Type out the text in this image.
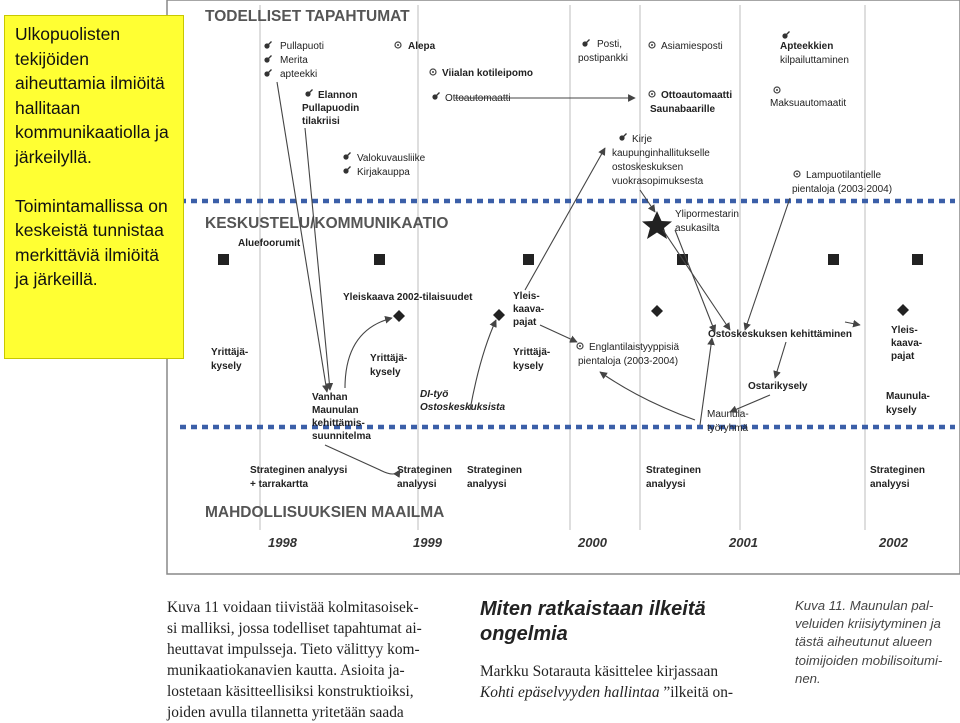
TODELLISET TAPAHTUMAT
KESKUSTELU/KOMMUNIKAATIO
MAHDOLLISUUKSIEN MAAILMA
1998	1999	2000	2001	2002
Pullapuoti
Merita
apteekki
Alepa	Posti,
postipankki
Asiamiesposti	Apteekkien
kilpailuttaminen
Viialan kotileipomo
Elannon
Pullapuodin
tilakriisi
Ottoautomaatti	Ottoautomaatti
Saunabaarille
Maksuautomaatit
Valokuvausliike
Kirjakauppa
Kirje
kaupunginhallitukselle
ostoskeskuksen
vuokrasopimuksesta
Lampuotilantielle
pientaloja (2003-2004)
Aluefoorumit
Ylipormestarin
asukasilta
Yleiskaava 2002-tilaisuudet	Yleis-
kaava-
pajat
Englantilaistyyppisiä
pientaloja (2003-2004)
Ostoskeskuksen kehittäminen	Yleis-
kaava-
pajat
Yrittäjä-
kysely
Yrittäjä-
kysely
Yrittäjä-
kysely
DI-työ
Ostoskeskuksista
Ostarikysely
Maunula-
kysely
Vanhan
Maunulan
kehittämis-
suunnitelma
Maunula-
työryhmä
Strateginen analyysi
+ tarrakartta
Strateginen
analyysi
Strateginen
analyysi
Strateginen
analyysi
Strateginen
analyysi

Ulkopuolisten tekijöiden aiheuttamia ilmiöitä hallitaan kommunikaatiolla ja järkeilyllä.

Toimintamallissa on keskeistä tunnistaa merkittäviä ilmiöitä ja järkeillä.

Kuva 11 voidaan tiivistää kolmitasoisek-
si malliksi, jossa todelliset tapahtumat ai-
heuttavat impulsseja. Tieto välittyy kom-
munikaatiokanavien kautta. Asioita ja-
lostetaan käsitteellisiksi konstruktioiksi,
joiden avulla tilannetta yritetään saada
Miten ratkaistaan ilkeitä
ongelmia
Markku Sotarauta käsittelee kirjassaan
Kohti epäselvyyden hallintaa ”ilkeitä on-
Kuva 11. Maunulan pal-
veluiden kriisiytyminen ja
tästä aiheutunut alueen
toimijoiden mobilisoitumi-
nen.
